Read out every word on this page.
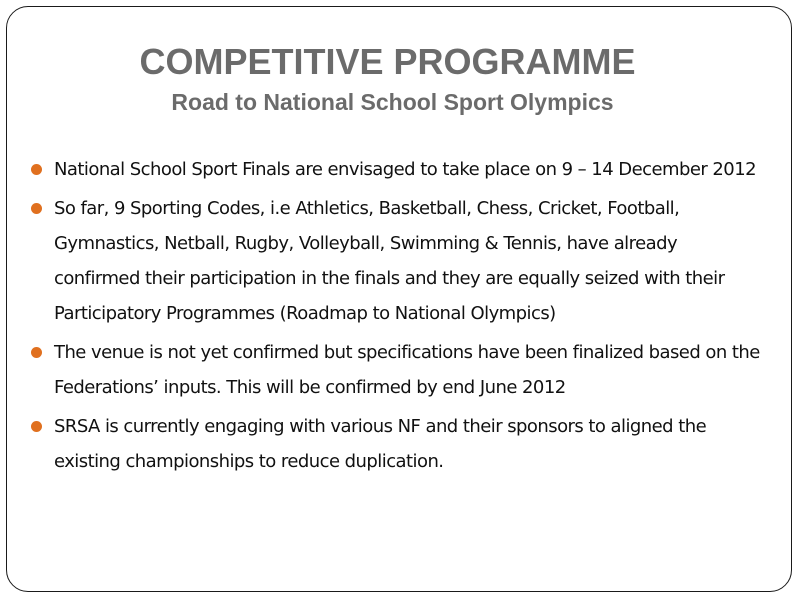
COMPETITIVE PROGRAMME
Road to National School Sport Olympics
National School Sport Finals are envisaged to take place on 9 – 14 December 2012
So far, 9 Sporting Codes, i.e Athletics, Basketball, Chess, Cricket, Football, Gymnastics, Netball, Rugby, Volleyball, Swimming & Tennis, have already confirmed their participation in the finals and they are equally seized with their Participatory Programmes (Roadmap to National Olympics)
The venue is not yet confirmed but specifications have been finalized based on the Federations’ inputs. This will be confirmed by end June 2012
SRSA is currently engaging with various NF and their sponsors to aligned the existing championships to reduce duplication.
